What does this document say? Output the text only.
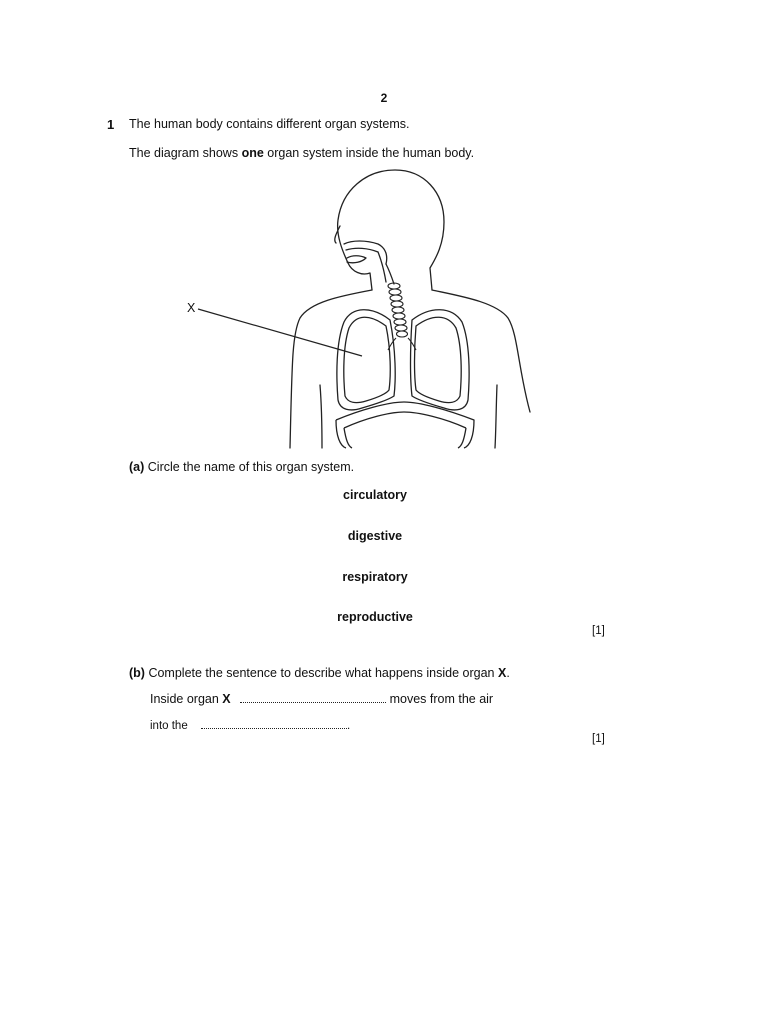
2
1 The human body contains different organ systems.
The diagram shows one organ system inside the human body.
X
(a) Circle the name of this organ system.
circulatory
digestive
respiratory
reproductive
[1]
(b) Complete the sentence to describe what happens inside organ X.
Inside organ X	moves from the air
into the	.
[1]
